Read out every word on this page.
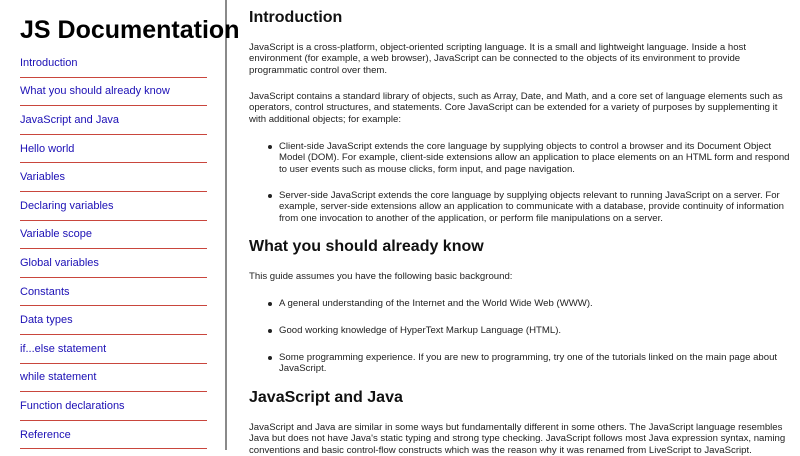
JS Documentation
Introduction
What you should already know
JavaScript and Java
Hello world
Variables
Declaring variables
Variable scope
Global variables
Constants
Data types
if...else statement
while statement
Function declarations
Reference
Introduction

JavaScript is a cross-platform, object-oriented scripting language. It is a small and lightweight language. Inside a host environment (for example, a web browser), JavaScript can be connected to the objects of its environment to provide programmatic control over them.

JavaScript contains a standard library of objects, such as Array, Date, and Math, and a core set of language elements such as operators, control structures, and statements. Core JavaScript can be extended for a variety of purposes by supplementing it with additional objects; for example:

Client-side JavaScript extends the core language by supplying objects to control a browser and its Document Object Model (DOM). For example, client-side extensions allow an application to place elements on an HTML form and respond to user events such as mouse clicks, form input, and page navigation.
Server-side JavaScript extends the core language by supplying objects relevant to running JavaScript on a server. For example, server-side extensions allow an application to communicate with a database, provide continuity of information from one invocation to another of the application, or perform file manipulations on a server.
What you should already know

This guide assumes you have the following basic background:

A general understanding of the Internet and the World Wide Web (WWW).
Good working knowledge of HyperText Markup Language (HTML).
Some programming experience. If you are new to programming, try one of the tutorials linked on the main page about JavaScript.
JavaScript and Java

JavaScript and Java are similar in some ways but fundamentally different in some others. The JavaScript language resembles Java but does not have Java's static typing and strong type checking. JavaScript follows most Java expression syntax, naming conventions and basic control-flow constructs which was the reason why it was renamed from LiveScript to JavaScript.
